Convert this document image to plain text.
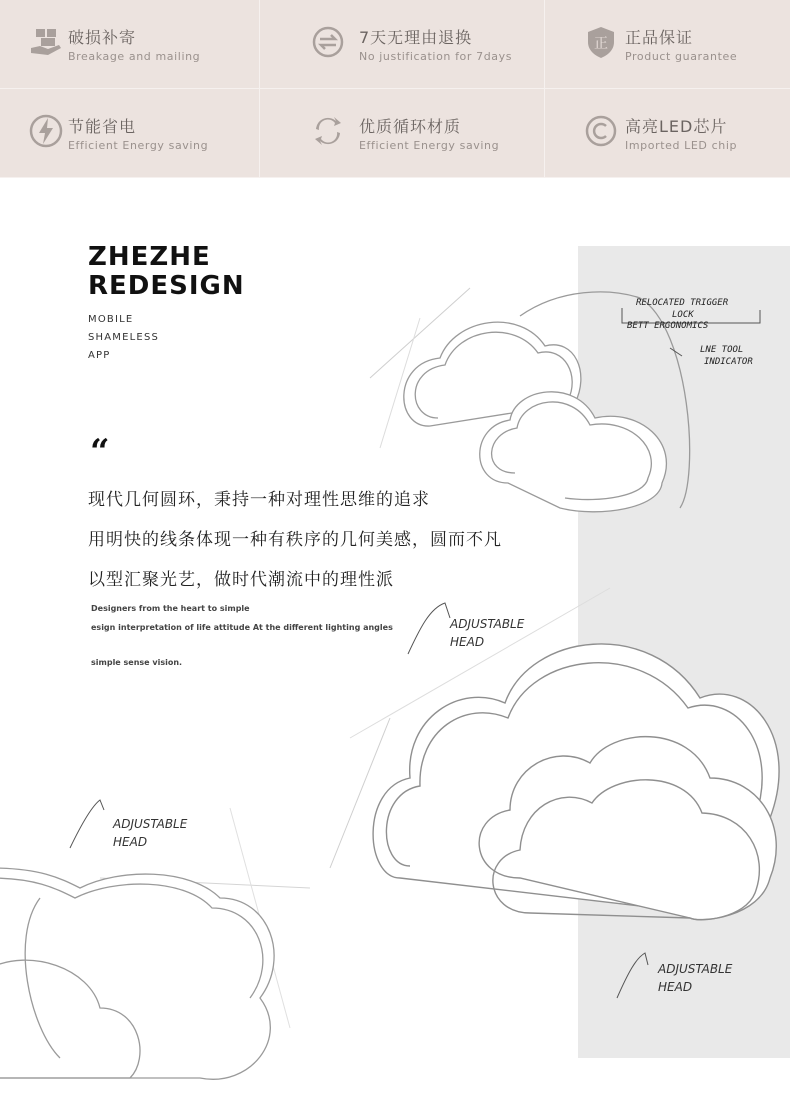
破损补寄
Breakage and mailing
7天无理由退换
No justification for 7days
正 正品保证
Product guarantee
节能省电
Efficient Energy saving
优质循环材质
Efficient Energy saving
高亮LED芯片
Imported LED chip
ZHEZHE
REDESIGN
MOBILE
SHAMELESS
APP
“
现代几何圆环，秉持一种对理性思维的追求
用明快的线条体现一种有秩序的几何美感，圆而不凡
以型汇聚光艺，做时代潮流中的理性派
Designers from the heart to simple
esign interpretation of life attitude At the different lighting angles
simple sense vision.
RELOCATED TRIGGER
LOCK
BETT ERGONOMICS
LNE TOOL
INDICATOR
ADJUSTABLE
HEAD
ADJUSTABLE
HEAD
ADJUSTABLE
HEAD
